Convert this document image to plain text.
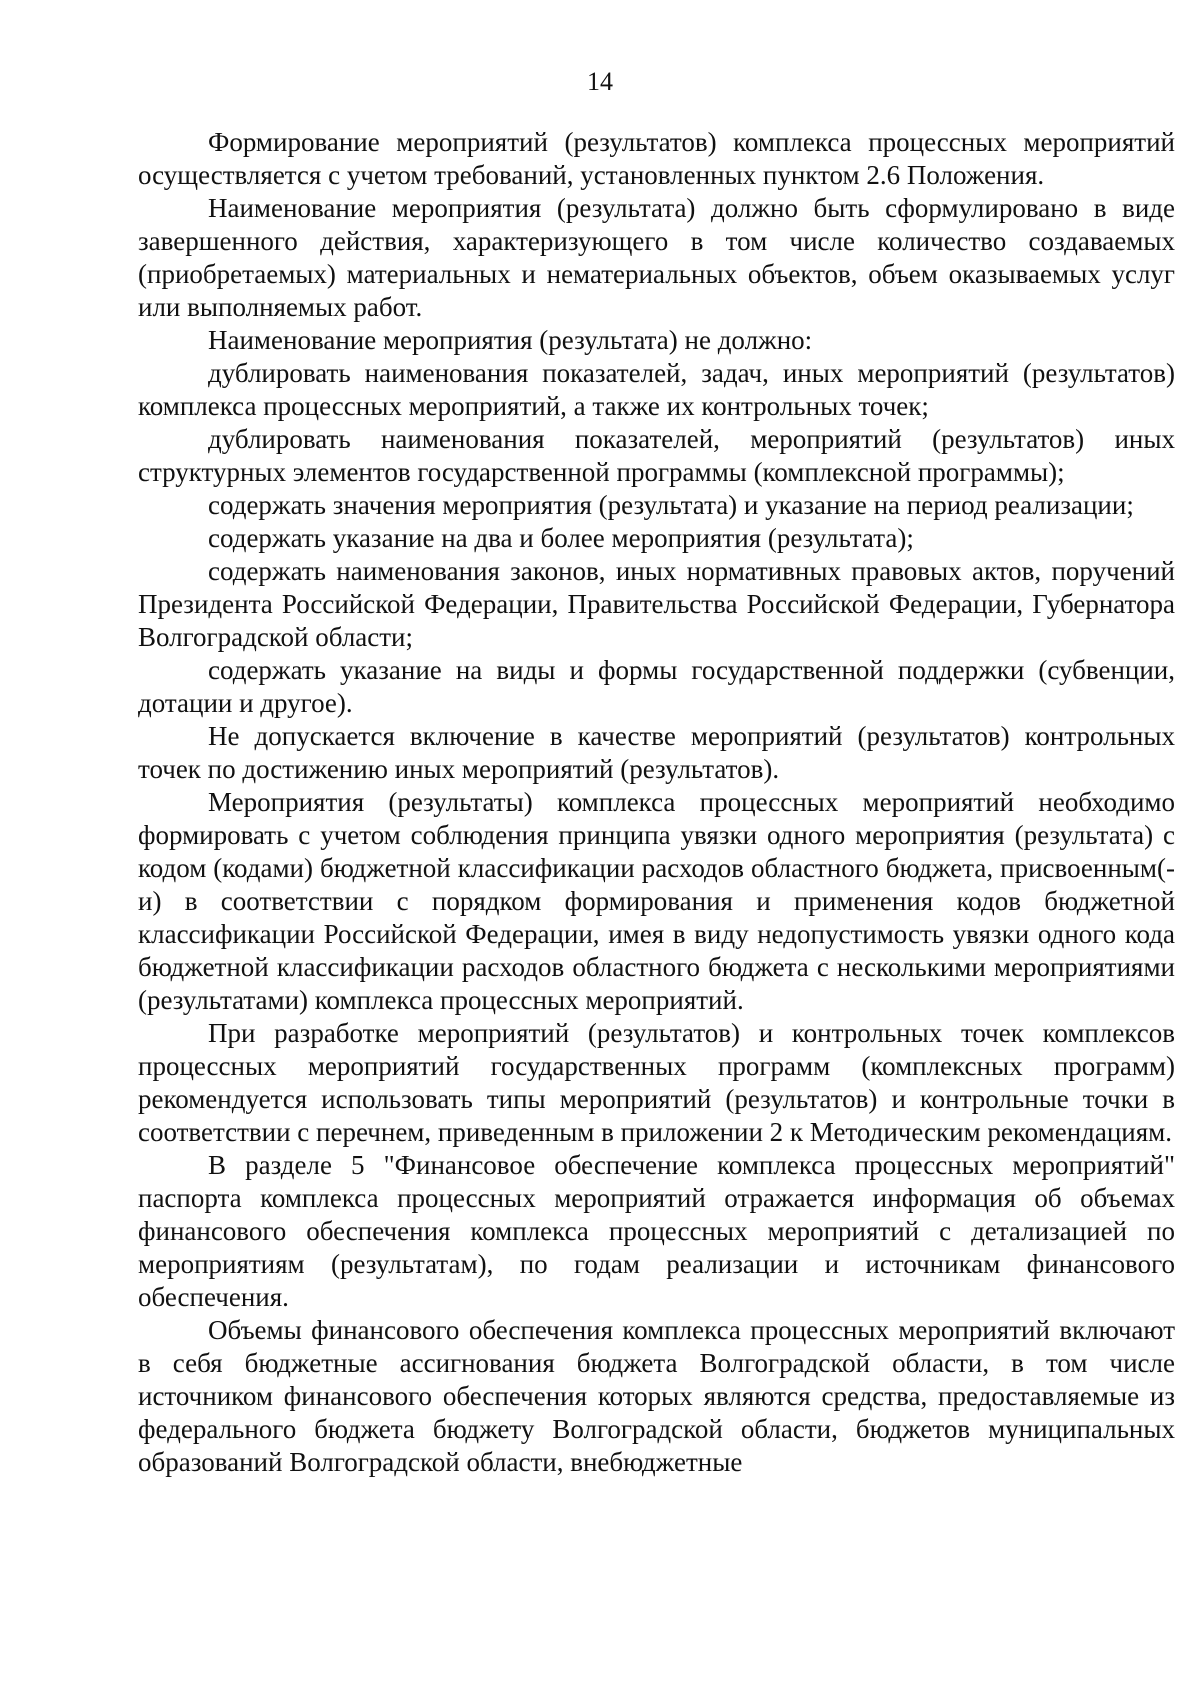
14

Формирование мероприятий (результатов) комплекса процессных мероприятий осуществляется с учетом требований, установленных пунктом 2.6 Положения.

Наименование мероприятия (результата) должно быть сформулировано в виде завершенного действия, характеризующего в том числе количество создаваемых (приобретаемых) материальных и нематериальных объектов, объем оказываемых услуг или выполняемых работ.

Наименование мероприятия (результата) не должно:

дублировать наименования показателей, задач, иных мероприятий (результатов) комплекса процессных мероприятий, а также их контрольных точек;

дублировать наименования показателей, мероприятий (результатов) иных структурных элементов государственной программы (комплексной программы);

содержать значения мероприятия (результата) и указание на период реализации;

содержать указание на два и более мероприятия (результата);

содержать наименования законов, иных нормативных правовых актов, поручений Президента Российской Федерации, Правительства Российской Федерации, Губернатора Волгоградской области;

содержать указание на виды и формы государственной поддержки (субвенции, дотации и другое).

Не допускается включение в качестве мероприятий (результатов) контрольных точек по достижению иных мероприятий (результатов).

Мероприятия (результаты) комплекса процессных мероприятий необходимо формировать с учетом соблюдения принципа увязки одного мероприятия (результата) с кодом (кодами) бюджетной классификации расходов областного бюджета, присвоенным(-и) в соответствии с порядком формирования и применения кодов бюджетной классификации Российской Федерации, имея в виду недопустимость увязки одного кода бюджетной классификации расходов областного бюджета с несколькими мероприятиями (результатами) комплекса процессных мероприятий.

При разработке мероприятий (результатов) и контрольных точек комплексов процессных мероприятий государственных программ (комплексных программ) рекомендуется использовать типы мероприятий (результатов) и контрольные точки в соответствии с перечнем, приведенным в приложении 2 к Методическим рекомендациям.

В разделе 5 "Финансовое обеспечение комплекса процессных мероприятий" паспорта комплекса процессных мероприятий отражается информация об объемах финансового обеспечения комплекса процессных мероприятий с детализацией по мероприятиям (результатам), по годам реализации и источникам финансового обеспечения.

Объемы финансового обеспечения комплекса процессных мероприятий включают в себя бюджетные ассигнования бюджета Волгоградской области, в том числе источником финансового обеспечения которых являются средства, предоставляемые из федерального бюджета бюджету Волгоградской области, бюджетов муниципальных образований Волгоградской области, внебюджетные
